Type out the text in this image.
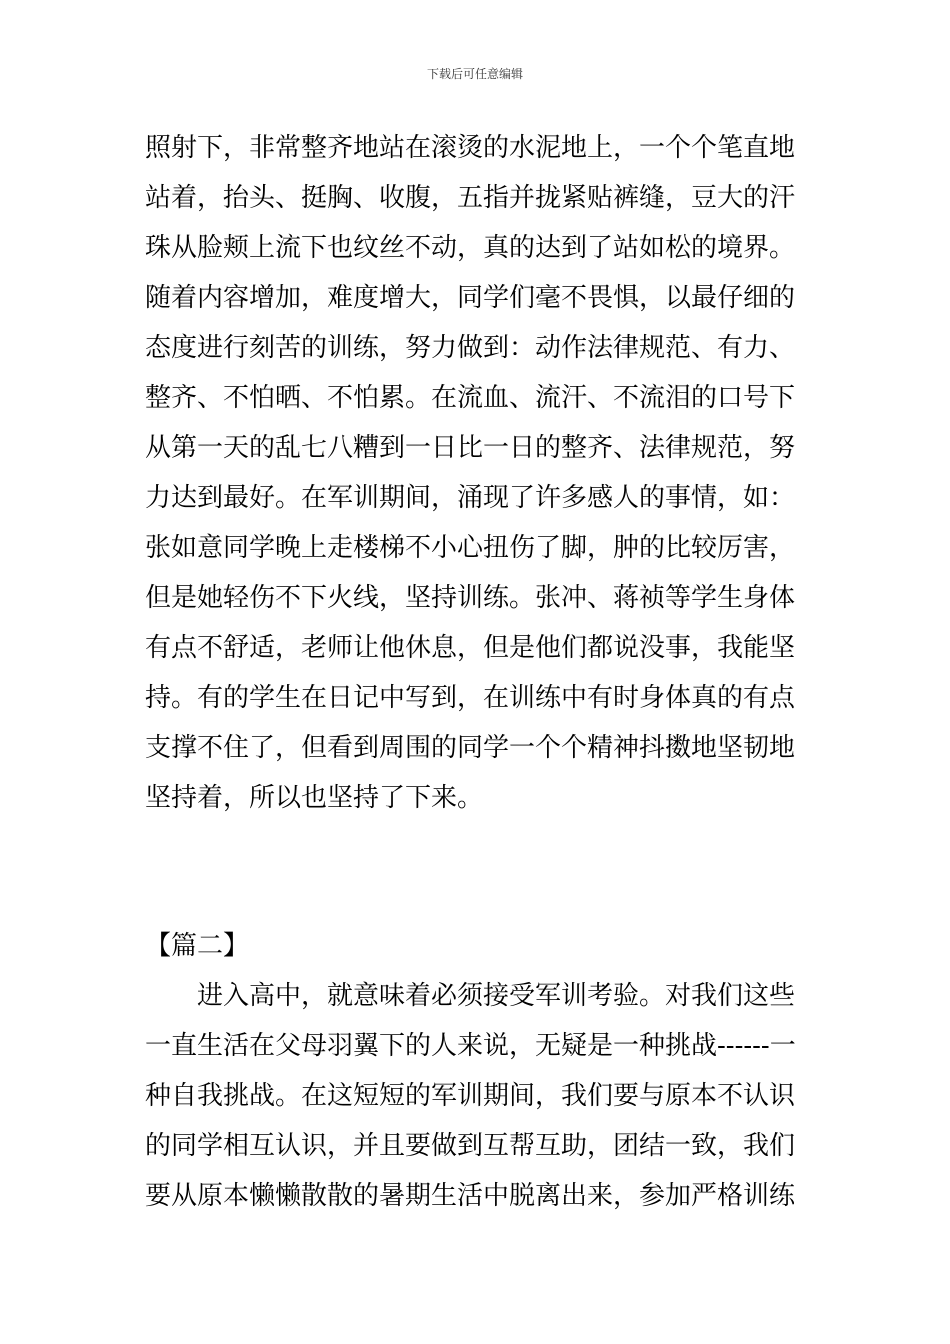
下载后可任意编辑
照射下，非常整齐地站在滚烫的水泥地上，一个个笔直地
站着，抬头、挺胸、收腹，五指并拢紧贴裤缝，豆大的汗
珠从脸颊上流下也纹丝不动，真的达到了站如松的境界。
随着内容增加，难度增大，同学们毫不畏惧，以最仔细的
态度进行刻苦的训练，努力做到：动作法律规范、有力、
整齐、不怕晒、不怕累。在流血、流汗、不流泪的口号下
从第一天的乱七八糟到一日比一日的整齐、法律规范，努
力达到最好。在军训期间，涌现了许多感人的事情，如：
张如意同学晚上走楼梯不小心扭伤了脚，肿的比较厉害，
但是她轻伤不下火线，坚持训练。张冲、蒋祯等学生身体
有点不舒适，老师让他休息，但是他们都说没事，我能坚
持。有的学生在日记中写到，在训练中有时身体真的有点
支撑不住了，但看到周围的同学一个个精神抖擞地坚韧地
坚持着，所以也坚持了下来。
【篇二】
　　进入高中，就意味着必须接受军训考验。对我们这些
一直生活在父母羽翼下的人来说，无疑是一种挑战------一
种自我挑战。在这短短的军训期间，我们要与原本不认识
的同学相互认识，并且要做到互帮互助，团结一致，我们
要从原本懒懒散散的暑期生活中脱离出来，参加严格训练
